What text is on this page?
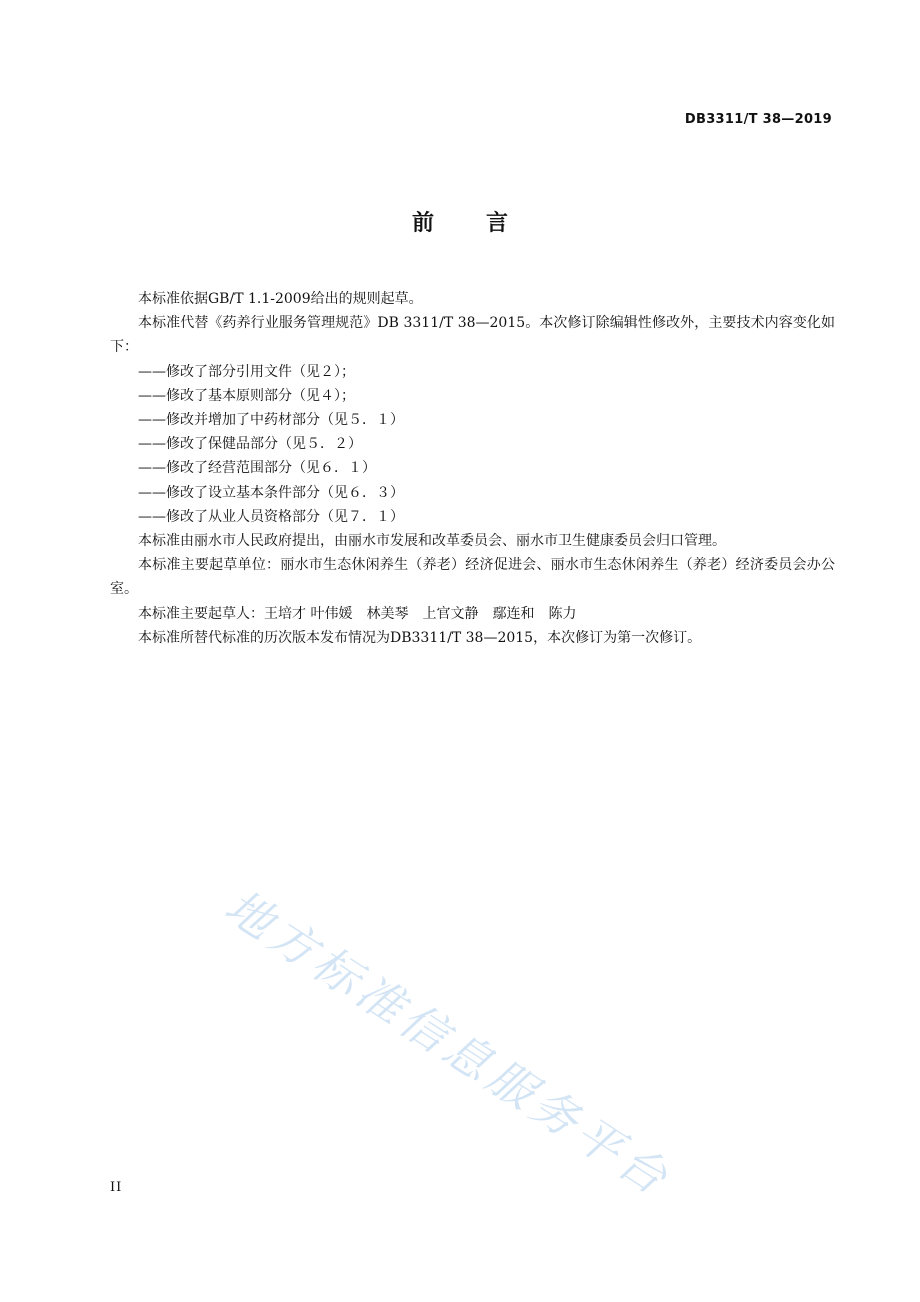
DB3311/T 38—2019
前言

本标准依据GB/T 1.1-2009给出的规则起草。

本标准代替《药养行业服务管理规范》DB 3311/T 38—2015。本次修订除编辑性修改外，主要技术内容变化如下：

——修改了部分引用文件（见２）；

——修改了基本原则部分（见４）；

——修改并增加了中药材部分（见５．１）

——修改了保健品部分（见５．２）

——修改了经营范围部分（见６．１）

——修改了设立基本条件部分（见６．３）

——修改了从业人员资格部分（见７．１）

本标准由丽水市人民政府提出，由丽水市发展和改革委员会、丽水市卫生健康委员会归口管理。

本标准主要起草单位：丽水市生态休闲养生（养老）经济促进会、丽水市生态休闲养生（养老）经济委员会办公室。

本标准主要起草人：王培才 叶伟媛　林美琴　上官文静　鄢连和　陈力

本标准所替代标准的历次版本发布情况为DB3311/T 38—2015，本次修订为第一次修订。

地方标准信息服务平台
II
